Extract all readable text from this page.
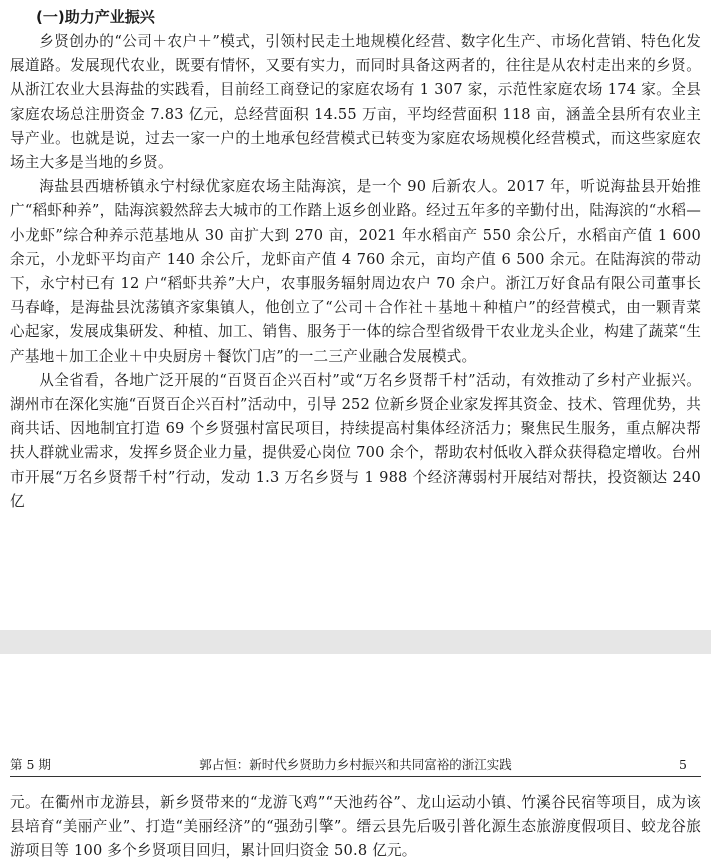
(一)助力产业振兴

乡贤创办的“公司＋农户＋”模式，引领村民走土地规模化经营、数字化生产、市场化营销、特色化发展道路。发展现代农业，既要有情怀，又要有实力，而同时具备这两者的，往往是从农村走出来的乡贤。从浙江农业大县海盐的实践看，目前经工商登记的家庭农场有 1 307 家，示范性家庭农场 174 家。全县家庭农场总注册资金 7.83 亿元，总经营面积 14.55 万亩，平均经营面积 118 亩，涵盖全县所有农业主导产业。也就是说，过去一家一户的土地承包经营模式已转变为家庭农场规模化经营模式，而这些家庭农场主大多是当地的乡贤。

海盐县西塘桥镇永宁村绿优家庭农场主陆海滨，是一个 90 后新农人。2017 年，听说海盐县开始推广“稻虾种养”，陆海滨毅然辞去大城市的工作踏上返乡创业路。经过五年多的辛勤付出，陆海滨的“水稻—小龙虾”综合种养示范基地从 30 亩扩大到 270 亩，2021 年水稻亩产 550 余公斤，水稻亩产值 1 600 余元，小龙虾平均亩产 140 余公斤，龙虾亩产值 4 760 余元，亩均产值 6 500 余元。在陆海滨的带动下，永宁村已有 12 户“稻虾共养”大户，农事服务辐射周边农户 70 余户。浙江万好食品有限公司董事长马春峰，是海盐县沈荡镇齐家集镇人，他创立了“公司＋合作社＋基地＋种植户”的经营模式，由一颗青菜心起家，发展成集研发、种植、加工、销售、服务于一体的综合型省级骨干农业龙头企业，构建了蔬菜“生产基地＋加工企业＋中央厨房＋餐饮门店”的一二三产业融合发展模式。

从全省看，各地广泛开展的“百贤百企兴百村”或“万名乡贤帮千村”活动，有效推动了乡村产业振兴。湖州市在深化实施“百贤百企兴百村”活动中，引导 252 位新乡贤企业家发挥其资金、技术、管理优势，共商共话、因地制宜打造 69 个乡贤强村富民项目，持续提高村集体经济活力；聚焦民生服务，重点解决帮扶人群就业需求，发挥乡贤企业力量，提供爱心岗位 700 余个，帮助农村低收入群众获得稳定增收。台州市开展“万名乡贤帮千村”行动，发动 1.3 万名乡贤与 1 988 个经济薄弱村开展结对帮扶，投资额达 240 亿

第 5 期	郭占恒：新时代乡贤助力乡村振兴和共同富裕的浙江实践	5

元。在衢州市龙游县，新乡贤带来的“龙游飞鸡”“天池药谷”、龙山运动小镇、竹溪谷民宿等项目，成为该县培育“美丽产业”、打造“美丽经济”的“强劲引擎”。缙云县先后吸引普化源生态旅游度假项目、蛟龙谷旅游项目等 100 多个乡贤项目回归，累计回归资金 50.8 亿元。
